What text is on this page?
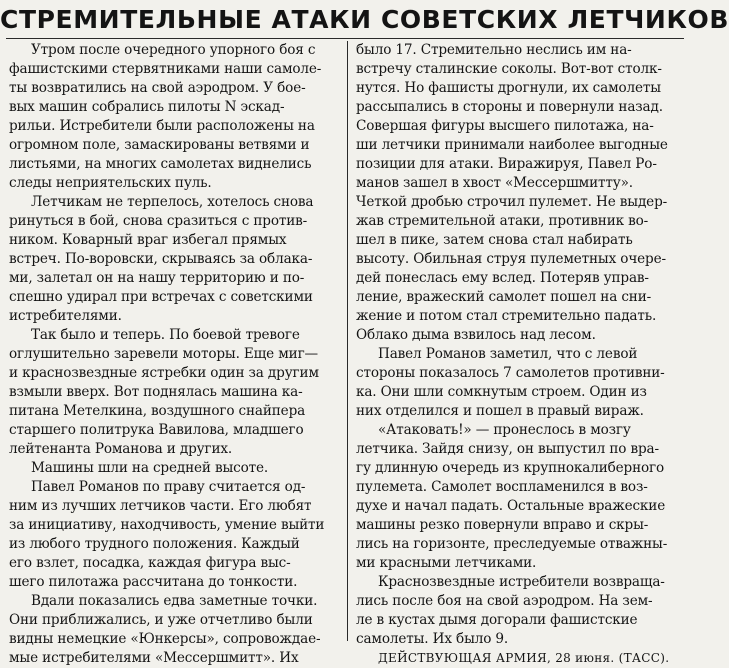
СТРЕМИТЕЛЬНЫЕ АТАКИ СОВЕТСКИХ ЛЕТЧИКОВ
Утром после очередного упорного боя с
фашистскими стервятниками наши самоле-
ты возвратились на свой аэродром. У бое-
вых машин собрались пилоты N эскад-
рильи. Истребители были расположены на
огромном поле, замаскированы ветвями и
листьями, на многих самолетах виднелись
следы неприятельских пуль.
Летчикам не терпелось, хотелось снова
ринуться в бой, снова сразиться с против-
ником. Коварный враг избегал прямых
встреч. По-воровски, скрываясь за облака-
ми, залетал он на нашу территорию и по-
спешно удирал при встречах с советскими
истребителями.
Так было и теперь. По боевой тревоге
оглушительно заревели моторы. Еще миг—
и краснозвездные ястребки один за другим
взмыли вверх. Вот поднялась машина ка-
питана Метелкина, воздушного снайпера
старшего политрука Вавилова, младшего
лейтенанта Романова и других.
Машины шли на средней высоте.
Павел Романов по праву считается од-
ним из лучших летчиков части. Его любят
за инициативу, находчивость, умение выйти
из любого трудного положения. Каждый
его взлет, посадка, каждая фигура выс-
шего пилотажа рассчитана до тонкости.
Вдали показались едва заметные точки.
Они приближались, и уже отчетливо были
видны немецкие «Юнкерсы», сопровождае-
мые истребителями «Мессершмитт». Их
было 17. Стремительно неслись им на-
встречу сталинские соколы. Вот-вот столк-
нутся. Но фашисты дрогнули, их самолеты
рассыпались в стороны и повернули назад.
Совершая фигуры высшего пилотажа, на-
ши летчики принимали наиболее выгодные
позиции для атаки. Виражируя, Павел Ро-
манов зашел в хвост «Мессершмитту».
Четкой дробью строчил пулемет. Не выдер-
жав стремительной атаки, противник во-
шел в пике, затем снова стал набирать
высоту. Обильная струя пулеметных очере-
дей понеслась ему вслед. Потеряв управ-
ление, вражеский самолет пошел на сни-
жение и потом стал стремительно падать.
Облако дыма взвилось над лесом.
Павел Романов заметил, что с левой
стороны показалось 7 самолетов противни-
ка. Они шли сомкнутым строем. Один из
них отделился и пошел в правый вираж.
«Атаковать!» — пронеслось в мозгу
летчика. Зайдя снизу, он выпустил по вра-
гу длинную очередь из крупнокалиберного
пулемета. Самолет воспламенился в воз-
духе и начал падать. Остальные вражеские
машины резко повернули вправо и скры-
лись на горизонте, преследуемые отважны-
ми красными летчиками.
Краснозвездные истребители возвраща-
лись после боя на свой аэродром. На зем-
ле в кустах дымя догорали фашистские
самолеты. Их было 9.
ДЕЙСТВУЮЩАЯ АРМИЯ, 28 июня. (ТАСС).
